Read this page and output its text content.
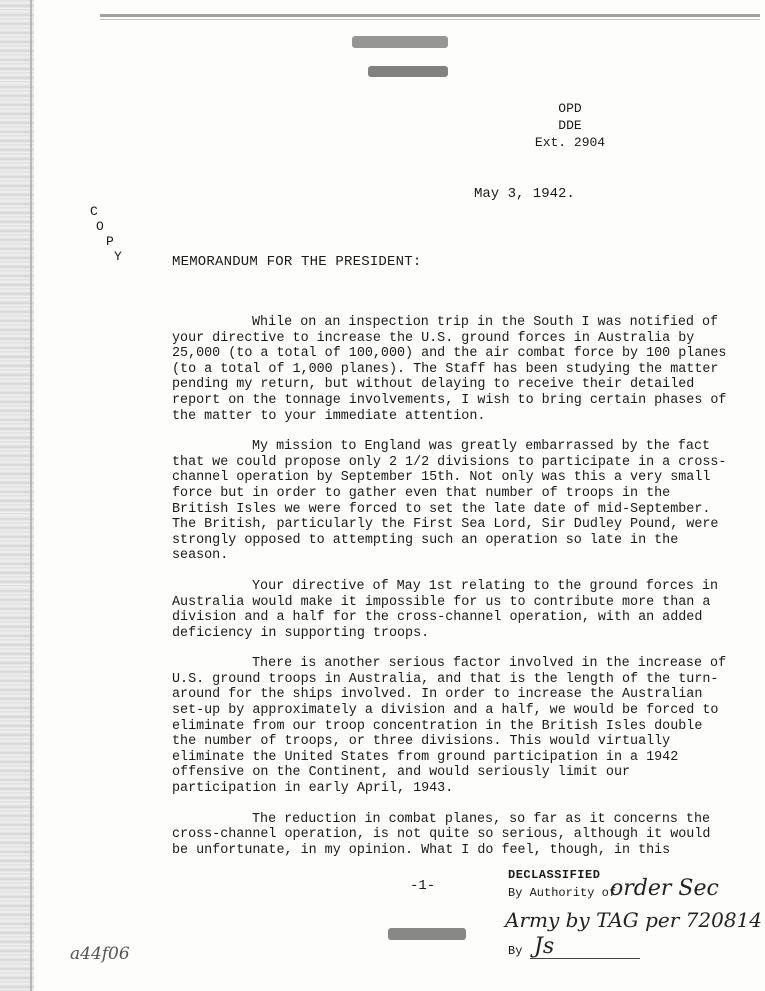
OPD
DDE
Ext. 2904
May 3, 1942.
C
O
P
Y	MEMORANDUM FOR THE PRESIDENT:

While on an inspection trip in the South I was notified of your directive to increase the U.S. ground forces in Australia by 25,000 (to a total of 100,000) and the air combat force by 100 planes (to a total of 1,000 planes). The Staff has been studying the matter pending my return, but without delaying to receive their detailed report on the tonnage involvements, I wish to bring certain phases of the matter to your immediate attention.

My mission to England was greatly embarrassed by the fact that we could propose only 2 1/2 divisions to participate in a cross-channel operation by September 15th. Not only was this a very small force but in order to gather even that number of troops in the British Isles we were forced to set the late date of mid-September. The British, particularly the First Sea Lord, Sir Dudley Pound, were strongly opposed to attempting such an operation so late in the season.

Your directive of May 1st relating to the ground forces in Australia would make it impossible for us to contribute more than a division and a half for the cross-channel operation, with an added deficiency in supporting troops.

There is another serious factor involved in the increase of U.S. ground troops in Australia, and that is the length of the turn-around for the ships involved. In order to increase the Australian set-up by approximately a division and a half, we would be forced to eliminate from our troop concentration in the British Isles double the number of troops, or three divisions. This would virtually eliminate the United States from ground participation in a 1942 offensive on the Continent, and would seriously limit our participation in early April, 1943.

The reduction in combat planes, so far as it concerns the cross-channel operation, is not quite so serious, although it would be unfortunate, in my opinion. What I do feel, though, in this

-1-
DECLASSIFIED
By Authority of
order Sec
Army by TAG per 720814
By Js
a44f06
